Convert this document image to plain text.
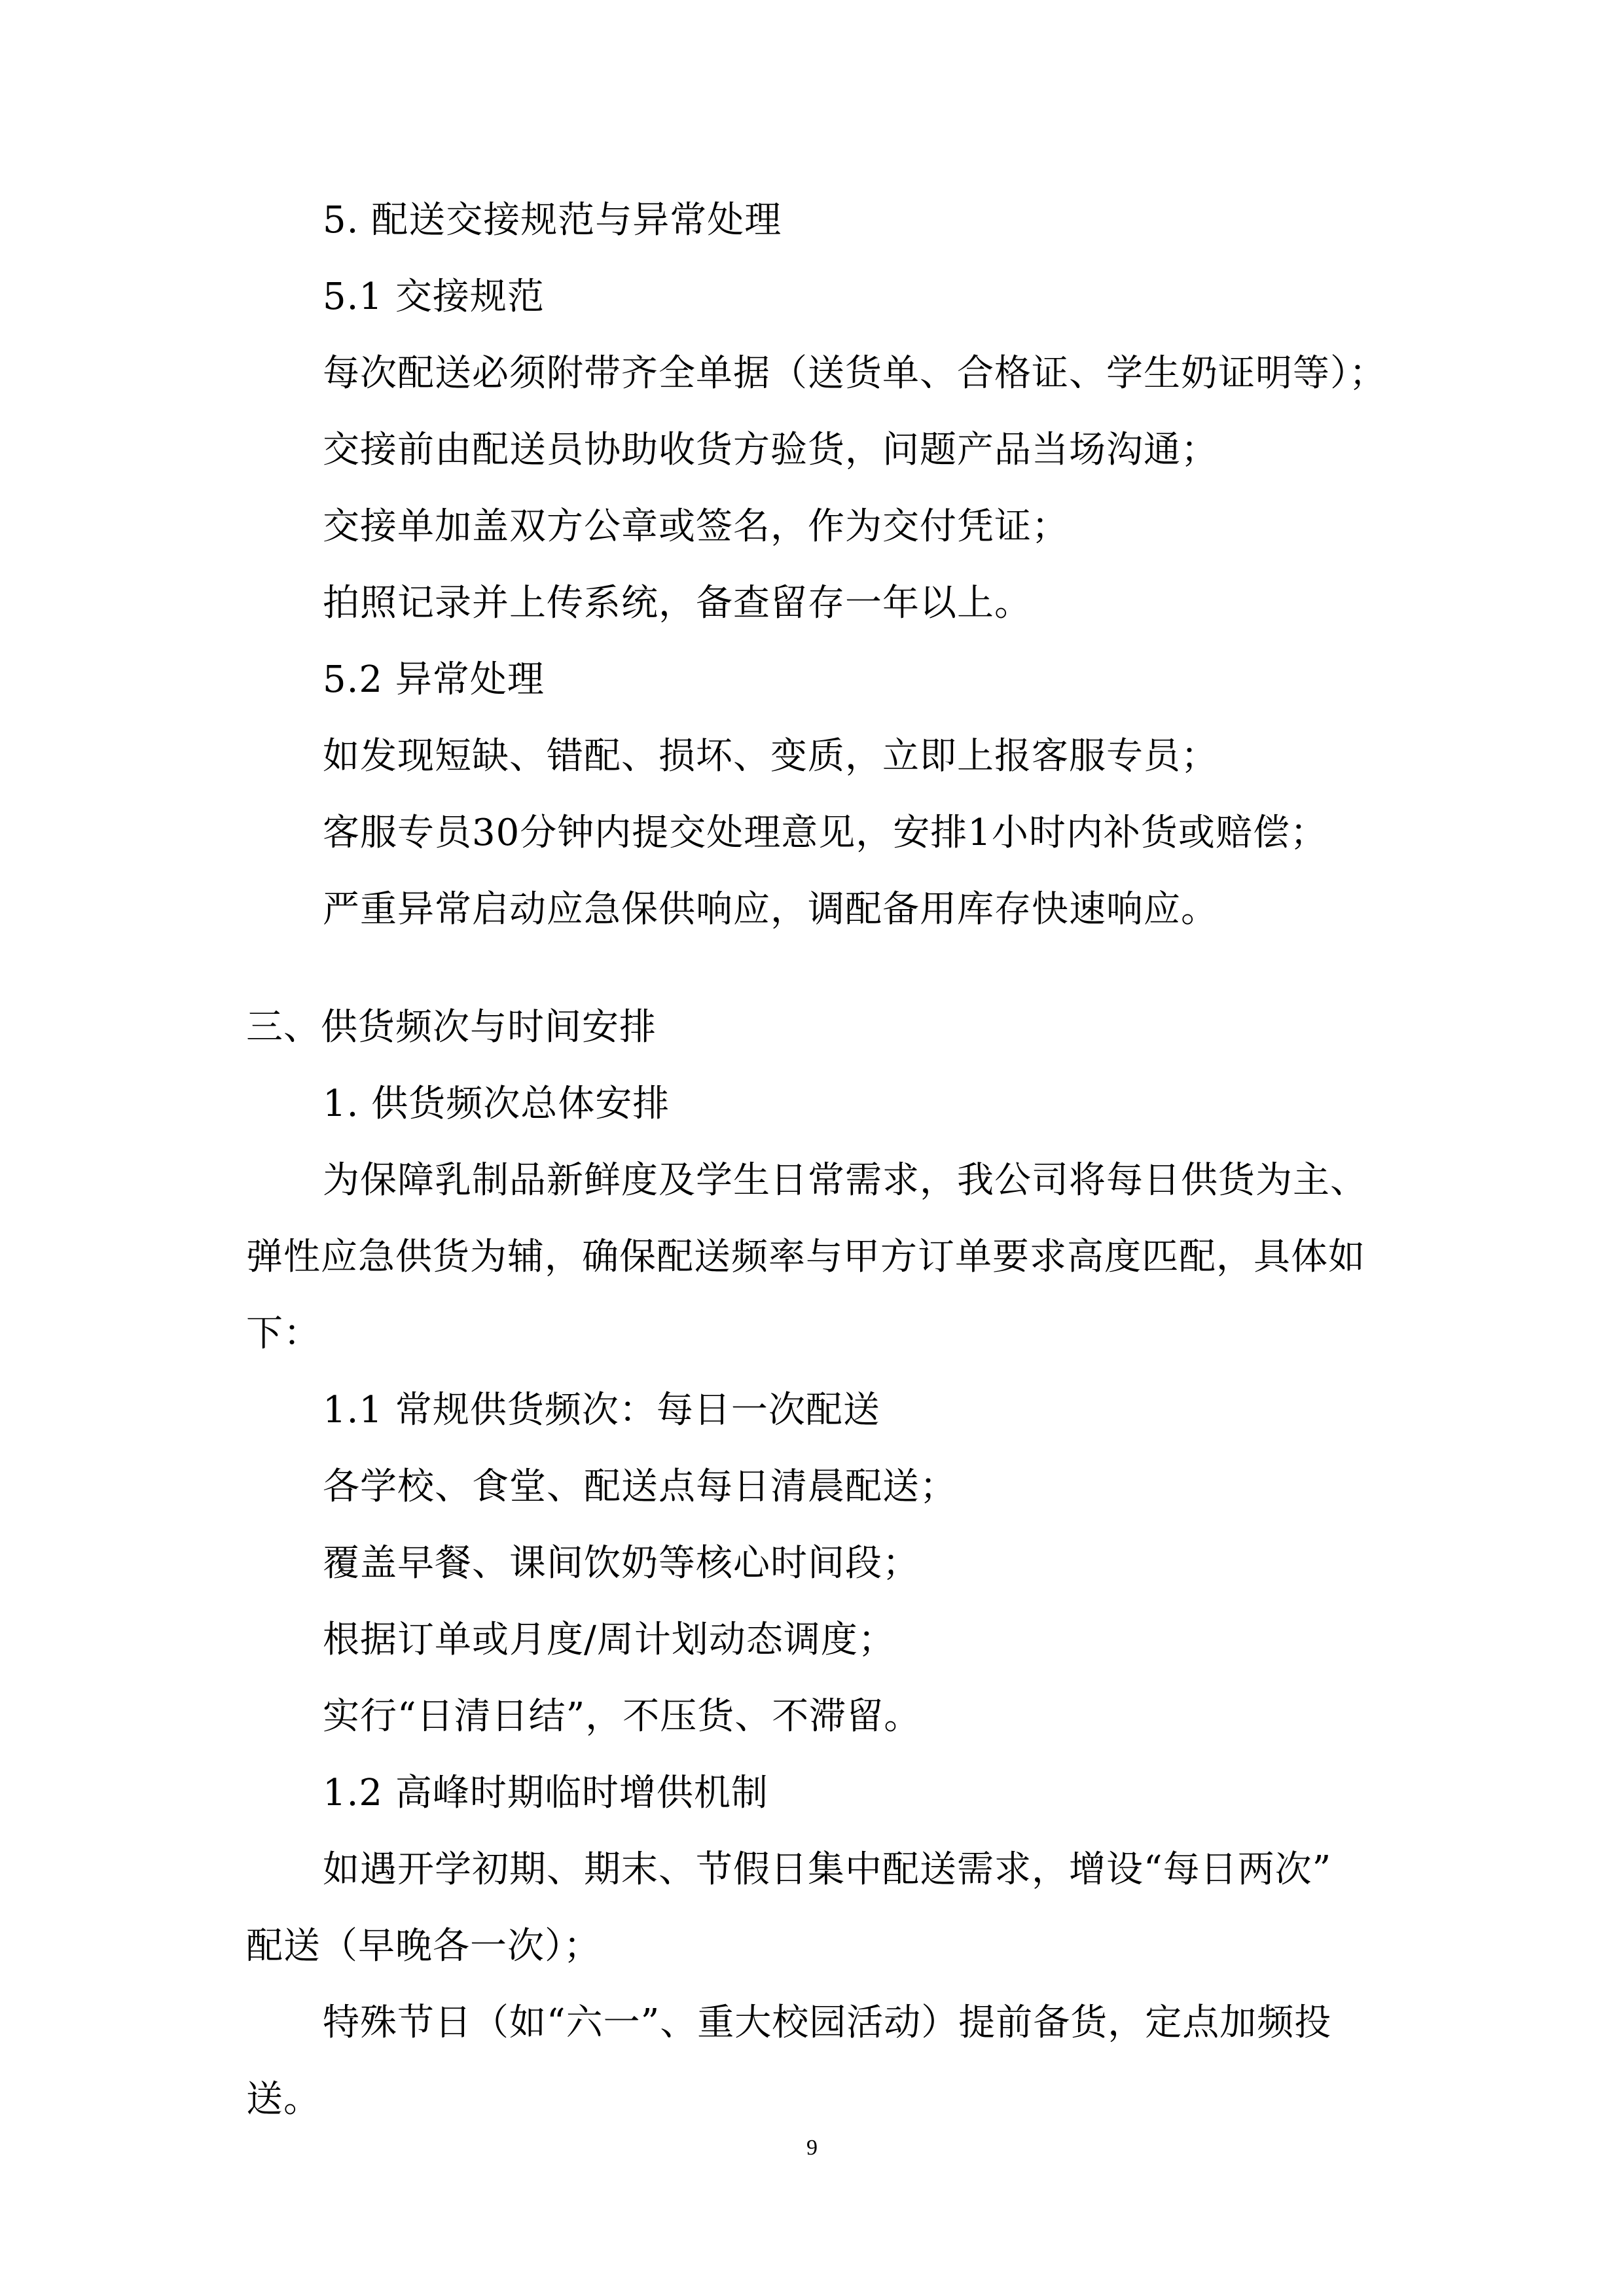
5. 配送交接规范与异常处理
5.1 交接规范
每次配送必须附带齐全单据（送货单、合格证、学生奶证明等）；
交接前由配送员协助收货方验货，问题产品当场沟通；
交接单加盖双方公章或签名，作为交付凭证；
拍照记录并上传系统，备查留存一年以上。
5.2 异常处理
如发现短缺、错配、损坏、变质，立即上报客服专员；
客服专员30分钟内提交处理意见，安排1小时内补货或赔偿；
严重异常启动应急保供响应，调配备用库存快速响应。
三、供货频次与时间安排
1. 供货频次总体安排
为保障乳制品新鲜度及学生日常需求，我公司将每日供货为主、
弹性应急供货为辅，确保配送频率与甲方订单要求高度匹配，具体如
下：
1.1 常规供货频次：每日一次配送
各学校、食堂、配送点每日清晨配送；
覆盖早餐、课间饮奶等核心时间段；
根据订单或月度/周计划动态调度；
实行“日清日结”，不压货、不滞留。
1.2 高峰时期临时增供机制
如遇开学初期、期末、节假日集中配送需求，增设“每日两次”
配送（早晚各一次）；
特殊节日（如“六一”、重大校园活动）提前备货，定点加频投
送。
9
